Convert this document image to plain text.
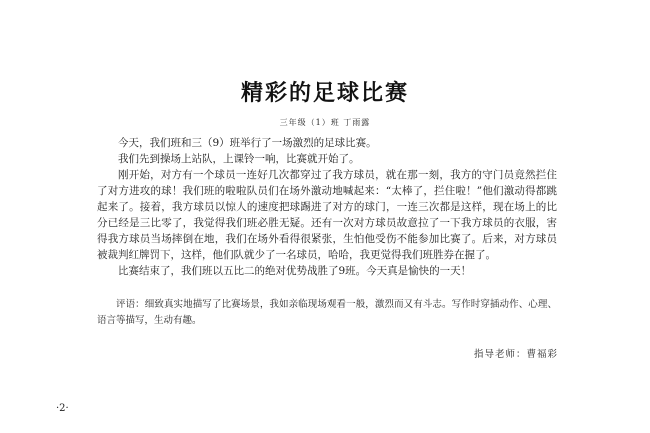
精彩的足球比赛
三年级（1）班 丁雨露

今天，我们班和三（9）班举行了一场激烈的足球比赛。

我们先到操场上站队，上课铃一响，比赛就开始了。

刚开始，对方有一个球员一连好几次都穿过了我方球员，就在那一刻，我方的守门员竟然拦住了对方进攻的球！我们班的啦啦队员们在场外激动地喊起来：“太棒了，拦住啦！”他们激动得都跳起来了。接着，我方球员以惊人的速度把球踢进了对方的球门，一连三次都是这样，现在场上的比分已经是三比零了，我觉得我们班必胜无疑。还有一次对方球员故意拉了一下我方球员的衣服，害得我方球员当场摔倒在地，我们在场外看得很紧张，生怕他受伤不能参加比赛了。后来，对方球员被裁判红牌罚下，这样，他们队就少了一名球员，哈哈，我更觉得我们班胜券在握了。

比赛结束了，我们班以五比二的绝对优势战胜了9班。今天真是愉快的一天！

评语：细致真实地描写了比赛场景，我如亲临现场观看一般，激烈而又有斗志。写作时穿插动作、心理、语言等描写，生动有趣。

指导老师：曹福彩
·2·
